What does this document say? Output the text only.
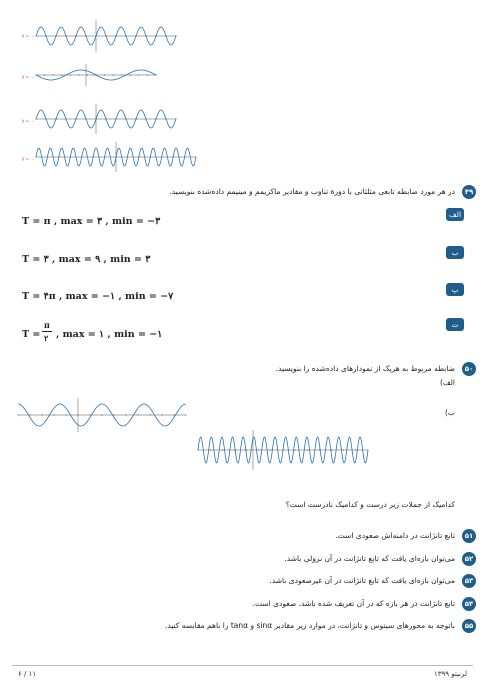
y = …
y = …
y = …
y = …
۴۹
در هر مورد ضابطه تابعی مثلثاتی با دورهٔ تناوب و مقادیر ماکزیمم و مینیمم داده‌شده بنویسید.
الف
T = π , max = ۳ , min = −۳
ب
T = ۳ , max = ۹ , min = ۳
پ
T = ۴π , max = −۱ , min = −۷
ت
T =
π
۲ , max = ۱ , min = −۱
۵۰
ضابطه مربوط به هریک از نمودارهای داده‌شده را بنویسید.
الف)
ب)
کدامیک از جملات زیر درست و کدامیک نادرست است؟
۵۱
تابع تانژانت در دامنه‌اش صعودی است.
۵۲
می‌توان بازه‌ای یافت که تابع تانژانت در آن نزولی باشد.
۵۳
می‌توان بازه‌ای یافت که تابع تانژانت در آن غیرصعودی باشد.
۵۴
تابع تانژانت در هر بازه که در آن تعریف شده باشد، صعودی است.
۵۵
باتوجه به محورهای سینوس و تانژانت، در موارد زیر مقادیر sinα و tanα را باهم مقایسه کنید.
۶ / ۱۱	لرنیتو ۱۳۹۹
